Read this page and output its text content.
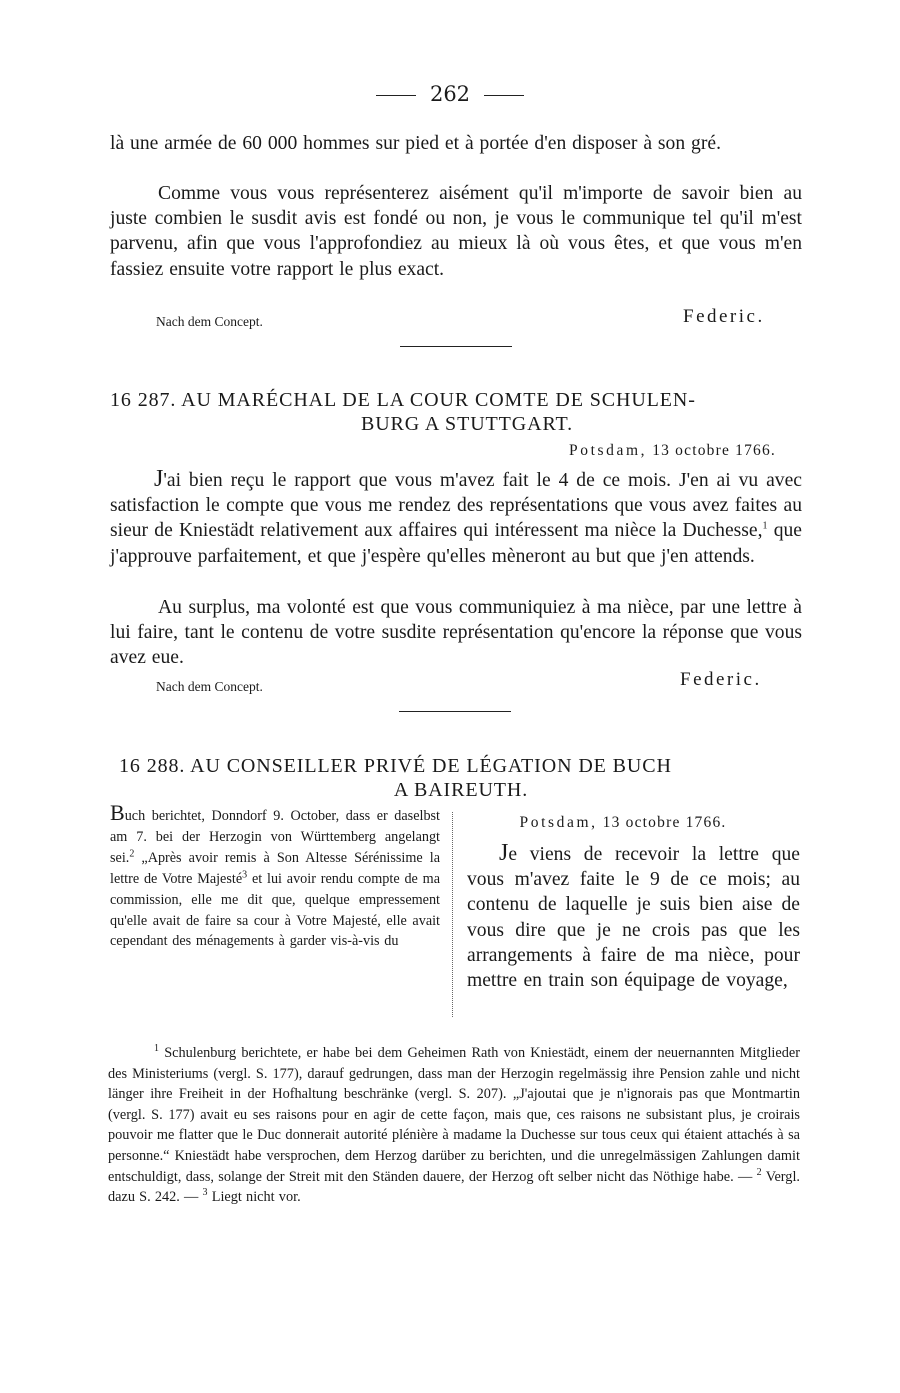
262
là une armée de 60 000 hommes sur pied et à portée d'en disposer à son gré.
Comme vous vous représenterez aisément qu'il m'importe de savoir bien au juste combien le susdit avis est fondé ou non, je vous le communique tel qu'il m'est parvenu, afin que vous l'approfondiez au mieux là où vous êtes, et que vous m'en fassiez ensuite votre rapport le plus exact.
Nach dem Concept.	Federic.
16 287. AU MARÉCHAL DE LA COUR COMTE DE SCHULEN-
BURG A STUTTGART.
Potsdam, 13 octobre 1766.
J'ai bien reçu le rapport que vous m'avez fait le 4 de ce mois. J'en ai vu avec satisfaction le compte que vous me rendez des représentations que vous avez faites au sieur de Kniestädt relativement aux affaires qui intéressent ma nièce la Duchesse,$^1$ que j'approuve parfaitement, et que j'espère qu'elles mèneront au but que j'en attends.
Au surplus, ma volonté est que vous communiquiez à ma nièce, par une lettre à lui faire, tant le contenu de votre susdite représentation qu'encore la réponse que vous avez eue.
Nach dem Concept.	Federic.
16 288. AU CONSEILLER PRIVÉ DE LÉGATION DE BUCH
A BAIREUTH.
Buch berichtet, Donndorf 9. October, dass er daselbst am 7. bei der Herzogin von Württemberg angelangt sei.$^2$ „Après avoir remis à Son Altesse Sérénissime la lettre de Votre Majesté$^3$ et lui avoir rendu compte de ma commission, elle me dit que, quelque empressement qu'elle avait de faire sa cour à Votre Majesté, elle avait cependant des ménagements à garder vis-à-vis du
Potsdam, 13 octobre 1766.
Je viens de recevoir la lettre que vous m'avez faite le 9 de ce mois; au contenu de laquelle je suis bien aise de vous dire que je ne crois pas que les arrangements à faire de ma nièce, pour mettre en train son équipage de voyage,
$^1$ Schulenburg berichtete, er habe bei dem Geheimen Rath von Kniestädt, einem der neuernannten Mitglieder des Ministeriums (vergl. S. 177), darauf gedrungen, dass man der Herzogin regelmässig ihre Pension zahle und nicht länger ihre Freiheit in der Hofhaltung beschränke (vergl. S. 207). „J'ajoutai que je n'ignorais pas que Montmartin (vergl. S. 177) avait eu ses raisons pour en agir de cette façon, mais que, ces raisons ne subsistant plus, je croirais pouvoir me flatter que le Duc donnerait autorité plénière à madame la Duchesse sur tous ceux qui étaient attachés à sa personne.“ Kniestädt habe versprochen, dem Herzog darüber zu berichten, und die unregelmässigen Zahlungen damit entschuldigt, dass, solange der Streit mit den Ständen dauere, der Herzog oft selber nicht das Nöthige habe. — $^2$ Vergl. dazu S. 242. — $^3$ Liegt nicht vor.
